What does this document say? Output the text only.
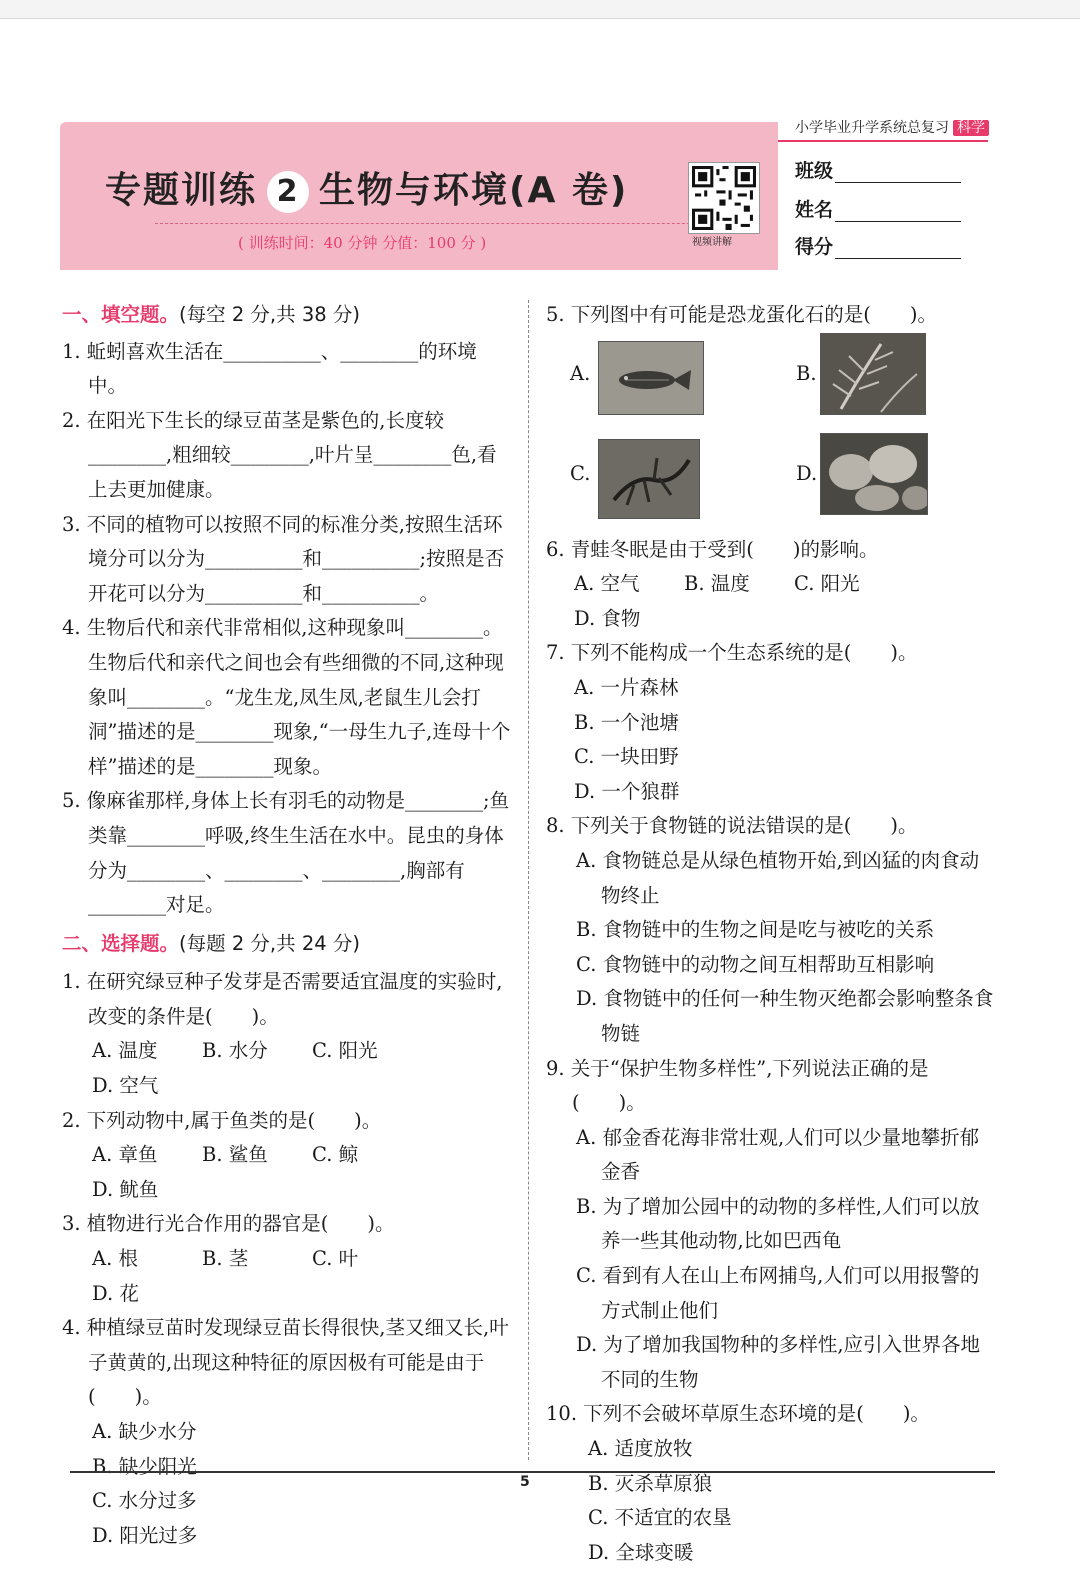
小学毕业升学系统总复习 科学
专题训练 2 生物与环境(A 卷)
( 训练时间：40 分钟 分值：100 分 )	视频讲解
班级
姓名
得分

一、填空题。(每空 2 分,共 38 分)

1. 蚯蚓喜欢生活在__________、________的环境中。

2. 在阳光下生长的绿豆苗茎是紫色的,长度较________,粗细较________,叶片呈________色,看上去更加健康。

3. 不同的植物可以按照不同的标准分类,按照生活环境分可以分为__________和__________;按照是否开花可以分为__________和__________。

4. 生物后代和亲代非常相似,这种现象叫________。生物后代和亲代之间也会有些细微的不同,这种现象叫________。“龙生龙,凤生凤,老鼠生儿会打洞”描述的是________现象,“一母生九子,连母十个样”描述的是________现象。

5. 像麻雀那样,身体上长有羽毛的动物是________;鱼类靠________呼吸,终生生活在水中。昆虫的身体分为________、________、________,胸部有________对足。

二、选择题。(每题 2 分,共 24 分)

1. 在研究绿豆种子发芽是否需要适宜温度的实验时,改变的条件是(　　)。

A. 温度 B. 水分 C. 阳光D. 空气

2. 下列动物中,属于鱼类的是(　　)。

A. 章鱼 B. 鲨鱼 C. 鲸D. 鱿鱼

3. 植物进行光合作用的器官是(　　)。

A. 根	B. 茎	C. 叶D. 花

4. 种植绿豆苗时发现绿豆苗长得很快,茎又细又长,叶子黄黄的,出现这种特征的原因极有可能是由于(　　)。

A. 缺少水分B. 缺少阳光
C. 水分过多D. 阳光过多

5. 下列图中有可能是恐龙蛋化石的是(　　)。

A.	B.
C.	D.

6. 青蛙冬眠是由于受到(　　)的影响。

A. 空气 B. 温度 C. 阳光D. 食物

7. 下列不能构成一个生态系统的是(　　)。

A. 一片森林B. 一个池塘
C. 一块田野D. 一个狼群

8. 下列关于食物链的说法错误的是(　　)。

A. 食物链总是从绿色植物开始,到凶猛的肉食动物终止

B. 食物链中的生物之间是吃与被吃的关系

C. 食物链中的动物之间互相帮助互相影响

D. 食物链中的任何一种生物灭绝都会影响整条食物链

9. 关于“保护生物多样性”,下列说法正确的是(　　)。

A. 郁金香花海非常壮观,人们可以少量地攀折郁金香

B. 为了增加公园中的动物的多样性,人们可以放养一些其他动物,比如巴西龟

C. 看到有人在山上布网捕鸟,人们可以用报警的方式制止他们

D. 为了增加我国物种的多样性,应引入世界各地不同的生物

10. 下列不会破坏草原生态环境的是(　　)。

A. 适度放牧B. 灭杀草原狼
C. 不适宜的农垦D. 全球变暖

5
